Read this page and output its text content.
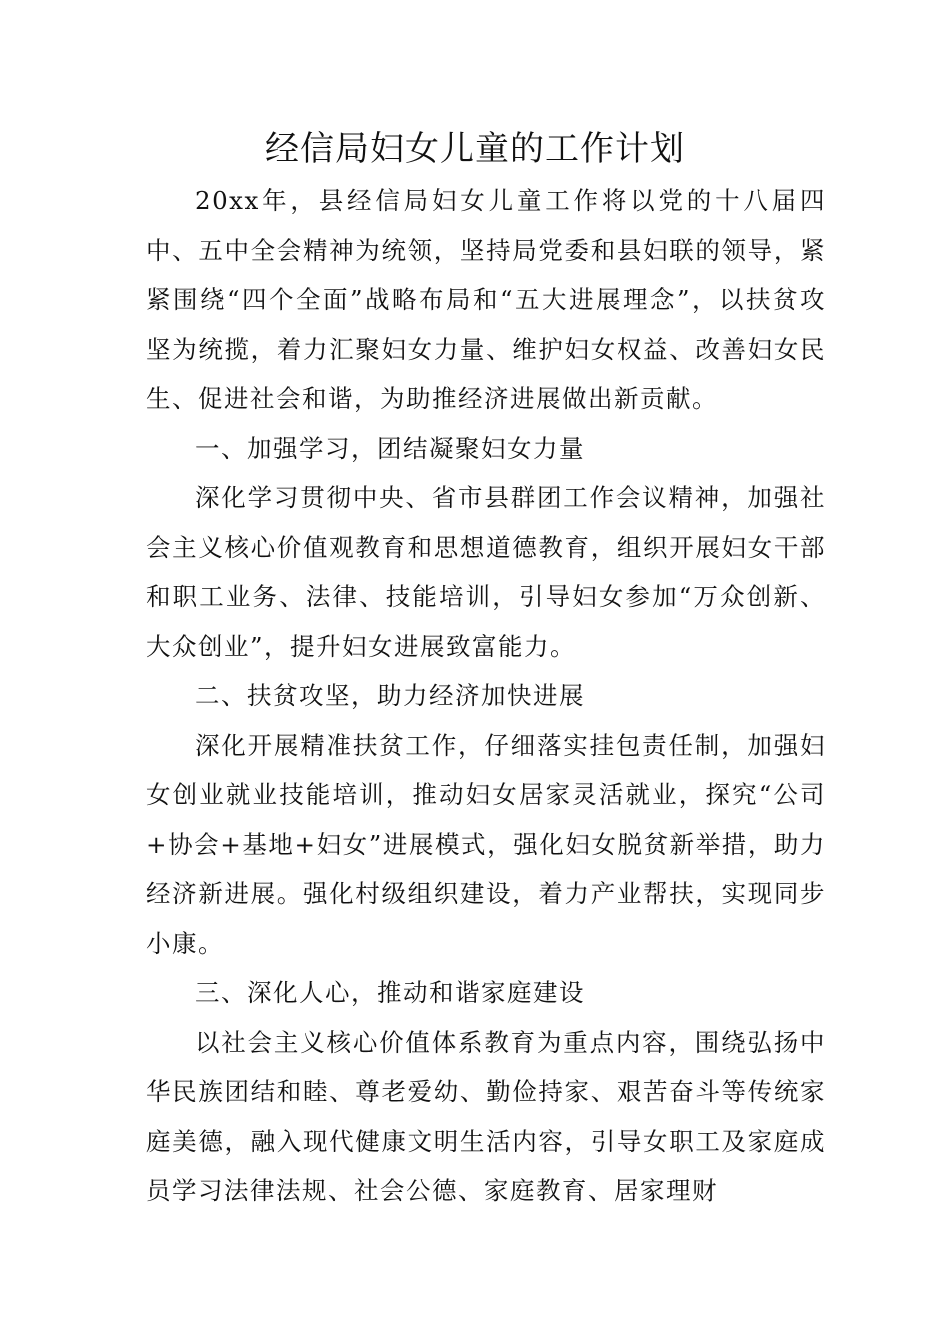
经信局妇女儿童的工作计划

20xx年，县经信局妇女儿童工作将以党的十八届四中、五中全会精神为统领，坚持局党委和县妇联的领导，紧紧围绕“四个全面”战略布局和“五大进展理念”，以扶贫攻坚为统揽，着力汇聚妇女力量、维护妇女权益、改善妇女民生、促进社会和谐，为助推经济进展做出新贡献。

一、加强学习，团结凝聚妇女力量

深化学习贯彻中央、省市县群团工作会议精神，加强社会主义核心价值观教育和思想道德教育，组织开展妇女干部和职工业务、法律、技能培训，引导妇女参加“万众创新、大众创业”，提升妇女进展致富能力。

二、扶贫攻坚，助力经济加快进展

深化开展精准扶贫工作，仔细落实挂包责任制，加强妇女创业就业技能培训，推动妇女居家灵活就业，探究“公司+协会+基地+妇女”进展模式，强化妇女脱贫新举措，助力经济新进展。强化村级组织建设，着力产业帮扶，实现同步小康。

三、深化人心，推动和谐家庭建设

以社会主义核心价值体系教育为重点内容，围绕弘扬中华民族团结和睦、尊老爱幼、勤俭持家、艰苦奋斗等传统家庭美德，融入现代健康文明生活内容，引导女职工及家庭成员学习法律法规、社会公德、家庭教育、居家理财
